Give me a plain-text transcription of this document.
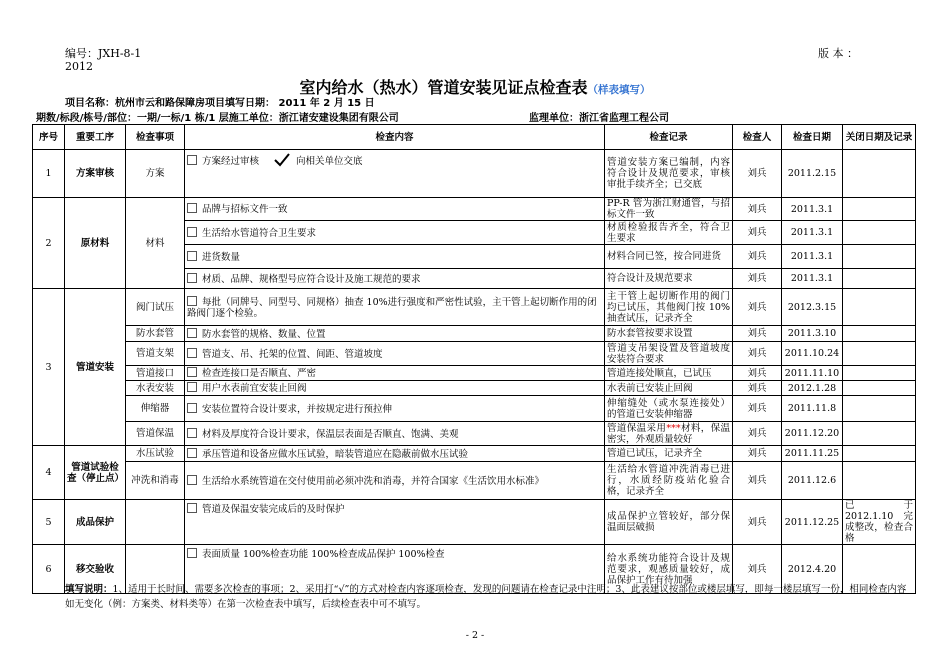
编号：JXH-8-1	版 本 ：
2012
室内给水（热水）管道安装见证点检查表（样表填写）
项目名称：杭州市云和路保障房项目填写日期： 2011 年 2 月 15 日
期数/标段/栋号/部位：一期/一标/1 栋/1 层施工单位：浙江诸安建设集团有限公司	监理单位：浙江省监理工程公司
序号	重要工序	检查事项	检查内容	检查记录	检查人	检查日期	关闭日期及记录
1	方案审核	方案	方案经过审核 向相关单位交底	管道安装方案已编制，内容符合设计及规范要求，审核审批手续齐全；已交底	刘兵	2011.2.15	
2	原材料	材料	品牌与招标文件一致	PP-R 管为浙江财通管，与招标文件一致	刘兵	2011.3.1	
			生活给水管道符合卫生要求	材质检验报告齐全，符合卫生要求	刘兵	2011.3.1	
			进货数量	材料合同已签，按合同进货	刘兵	2011.3.1	
			材质、品牌、规格型号应符合设计及施工规范的要求	符合设计及规范要求	刘兵	2011.3.1	
3	管道安装	阀门试压	每批（同牌号、同型号、同规格）抽查 10%进行强度和严密性试验，主干管上起切断作用的闭路阀门逐个检验。	主干管上起切断作用的阀门均已试压，其他阀门按 10%抽查试压，记录齐全	刘兵	2012.3.15	
		防水套管	防水套管的规格、数量、位置	防水套管按要求设置	刘兵	2011.3.10	
		管道支架	管道支、吊、托架的位置、间距、管道坡度	管道支吊架设置及管道坡度安装符合要求	刘兵	2011.10.24	
		管道接口	检查连接口是否顺直、严密	管道连接处顺直，已试压	刘兵	2011.11.10	
		水表安装	用户水表前宜安装止回阀	水表前已安装止回阀	刘兵	2012.1.28	
		伸缩器	安装位置符合设计要求，并按规定进行预拉伸	伸缩缝处（或水泵连接处）的管道已安装伸缩器	刘兵	2011.11.8	
		管道保温	材料及厚度符合设计要求，保温层表面是否顺直、饱满、美观	管道保温采用***材料，保温密实，外观质量较好	刘兵	2011.12.20	
4	管道试验检查（停止点）	水压试验	承压管道和设备应做水压试验，暗装管道应在隐蔽前做水压试验	管道已试压，记录齐全	刘兵	2011.11.25	
		冲洗和消毒	生活给水系统管道在交付使用前必须冲洗和消毒，并符合国家《生活饮用水标准》	生活给水管道冲洗消毒已进行，水质经防疫站化验合格，记录齐全	刘兵	2011.12.6	
5	成品保护		管道及保温安装完成后的及时保护	成品保护立管较好，部分保温面层破损	刘兵	2011.12.25	已于 2012.1.10 完成整改，检查合格
6	移交验收		表面质量 100%检查功能 100%检查成品保护 100%检查	给水系统功能符合设计及规范要求，观感质量较好，成品保护工作有待加强	刘兵	2012.4.20	
填写说明：1、适用于长时间、需要多次检查的事项；2、采用打“√”的方式对检查内容逐项检查，发现的问题请在检查记录中注明；3、此表建议按部位或楼层填写，即每一楼层填写一份，相同检查内容如无变化（例：方案类、材料类等）在第一次检查表中填写，后续检查表中可不填写。
- 2 -
